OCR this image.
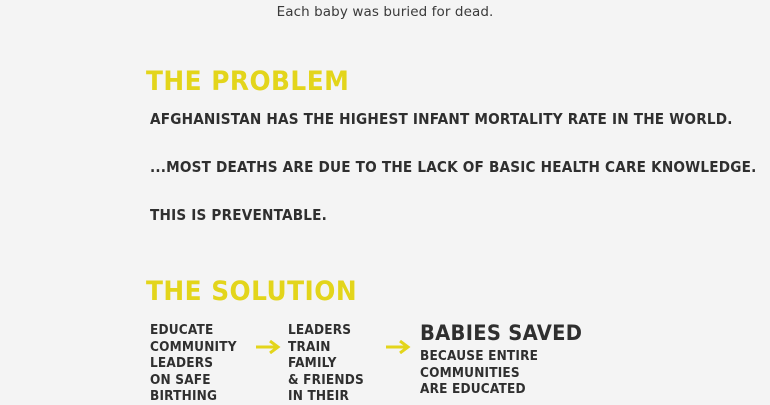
Each baby was buried for dead.
THE PROBLEM
AFGHANISTAN HAS THE HIGHEST INFANT MORTALITY RATE IN THE WORLD.
...MOST DEATHS ARE DUE TO THE LACK OF BASIC HEALTH CARE KNOWLEDGE.
THIS IS PREVENTABLE.
THE SOLUTION
EDUCATE
COMMUNITY
LEADERS
ON SAFE
BIRTHING
LEADERS
TRAIN
FAMILY
& FRIENDS
IN THEIR
BABIES SAVED
BECAUSE ENTIRE
COMMUNITIES
ARE EDUCATED
